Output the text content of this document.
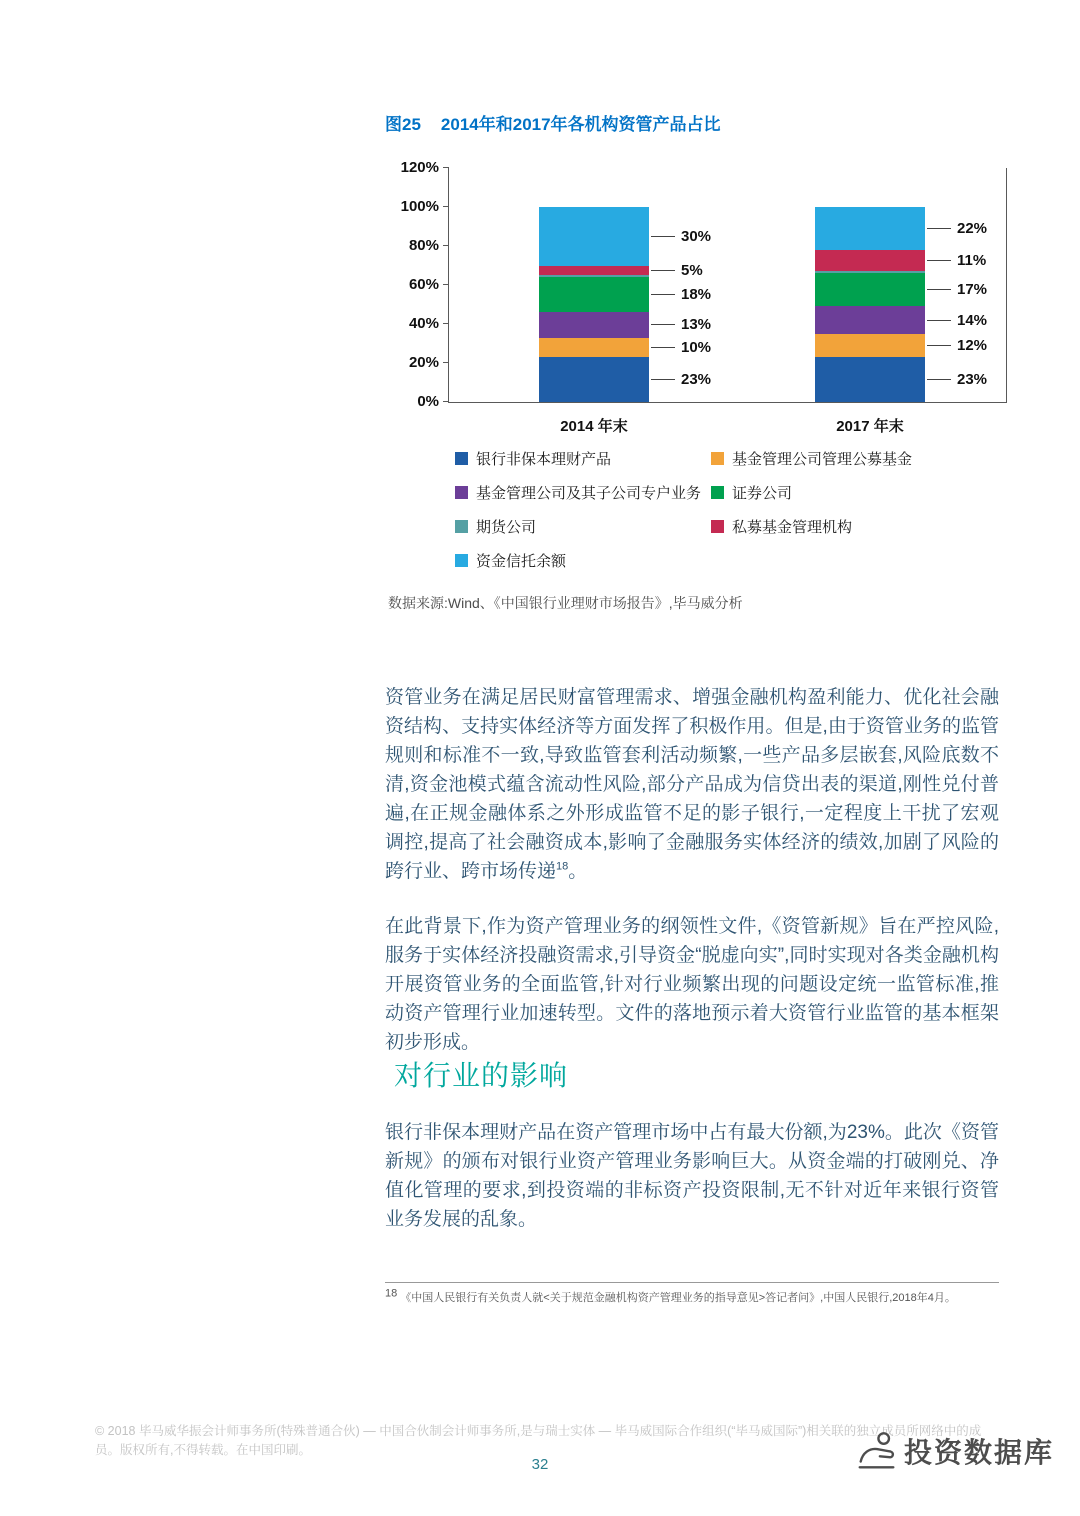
图25 2014年和2017年各机构资管产品占比
0%
20%
40%
60%
80%
100%
120%
23%
10%
13%
18%
5%
30%
2014 年末
23%
12%
14%
17%
11%
22%
2017 年末
银行非保本理财产品	基金管理公司管理公募基金
基金管理公司及其子公司专户业务 证券公司
期货公司	私募基金管理机构
资金信托余额
数据来源:Wind、《中国银行业理财市场报告》,毕马威分析

资管业务在满足居民财富管理需求、增强金融机构盈利能力、优化社会融资结构、支持实体经济等方面发挥了积极作用。但是,由于资管业务的监管规则和标准不一致,导致监管套利活动频繁,一些产品多层嵌套,风险底数不清,资金池模式蕴含流动性风险,部分产品成为信贷出表的渠道,刚性兑付普遍,在正规金融体系之外形成监管不足的影子银行,一定程度上干扰了宏观调控,提高了社会融资成本,影响了金融服务实体经济的绩效,加剧了风险的跨行业、跨市场传递$^{18}$。

在此背景下,作为资产管理业务的纲领性文件,《资管新规》旨在严控风险,服务于实体经济投融资需求,引导资金“脱虚向实”,同时实现对各类金融机构开展资管业务的全面监管,针对行业频繁出现的问题设定统一监管标准,推动资产管理行业加速转型。文件的落地预示着大资管行业监管的基本框架初步形成。

对行业的影响

银行非保本理财产品在资产管理市场中占有最大份额,为23%。此次《资管新规》的颁布对银行业资产管理业务影响巨大。从资金端的打破刚兑、净值化管理的要求,到投资端的非标资产投资限制,无不针对近年来银行资管业务发展的乱象。

$^{18}$ 《中国人民银行有关负责人就<关于规范金融机构资产管理业务的指导意见>答记者问》,中国人民银行,2018年4月。
© 2018 毕马威华振会计师事务所(特殊普通合伙) — 中国合伙制会计师事务所,是与瑞士实体 — 毕马威国际合作组织(“毕马威国际”)相关联的独立成员所网络中的成员。版权所有,不得转载。在中国印刷。
32	投资数据库
